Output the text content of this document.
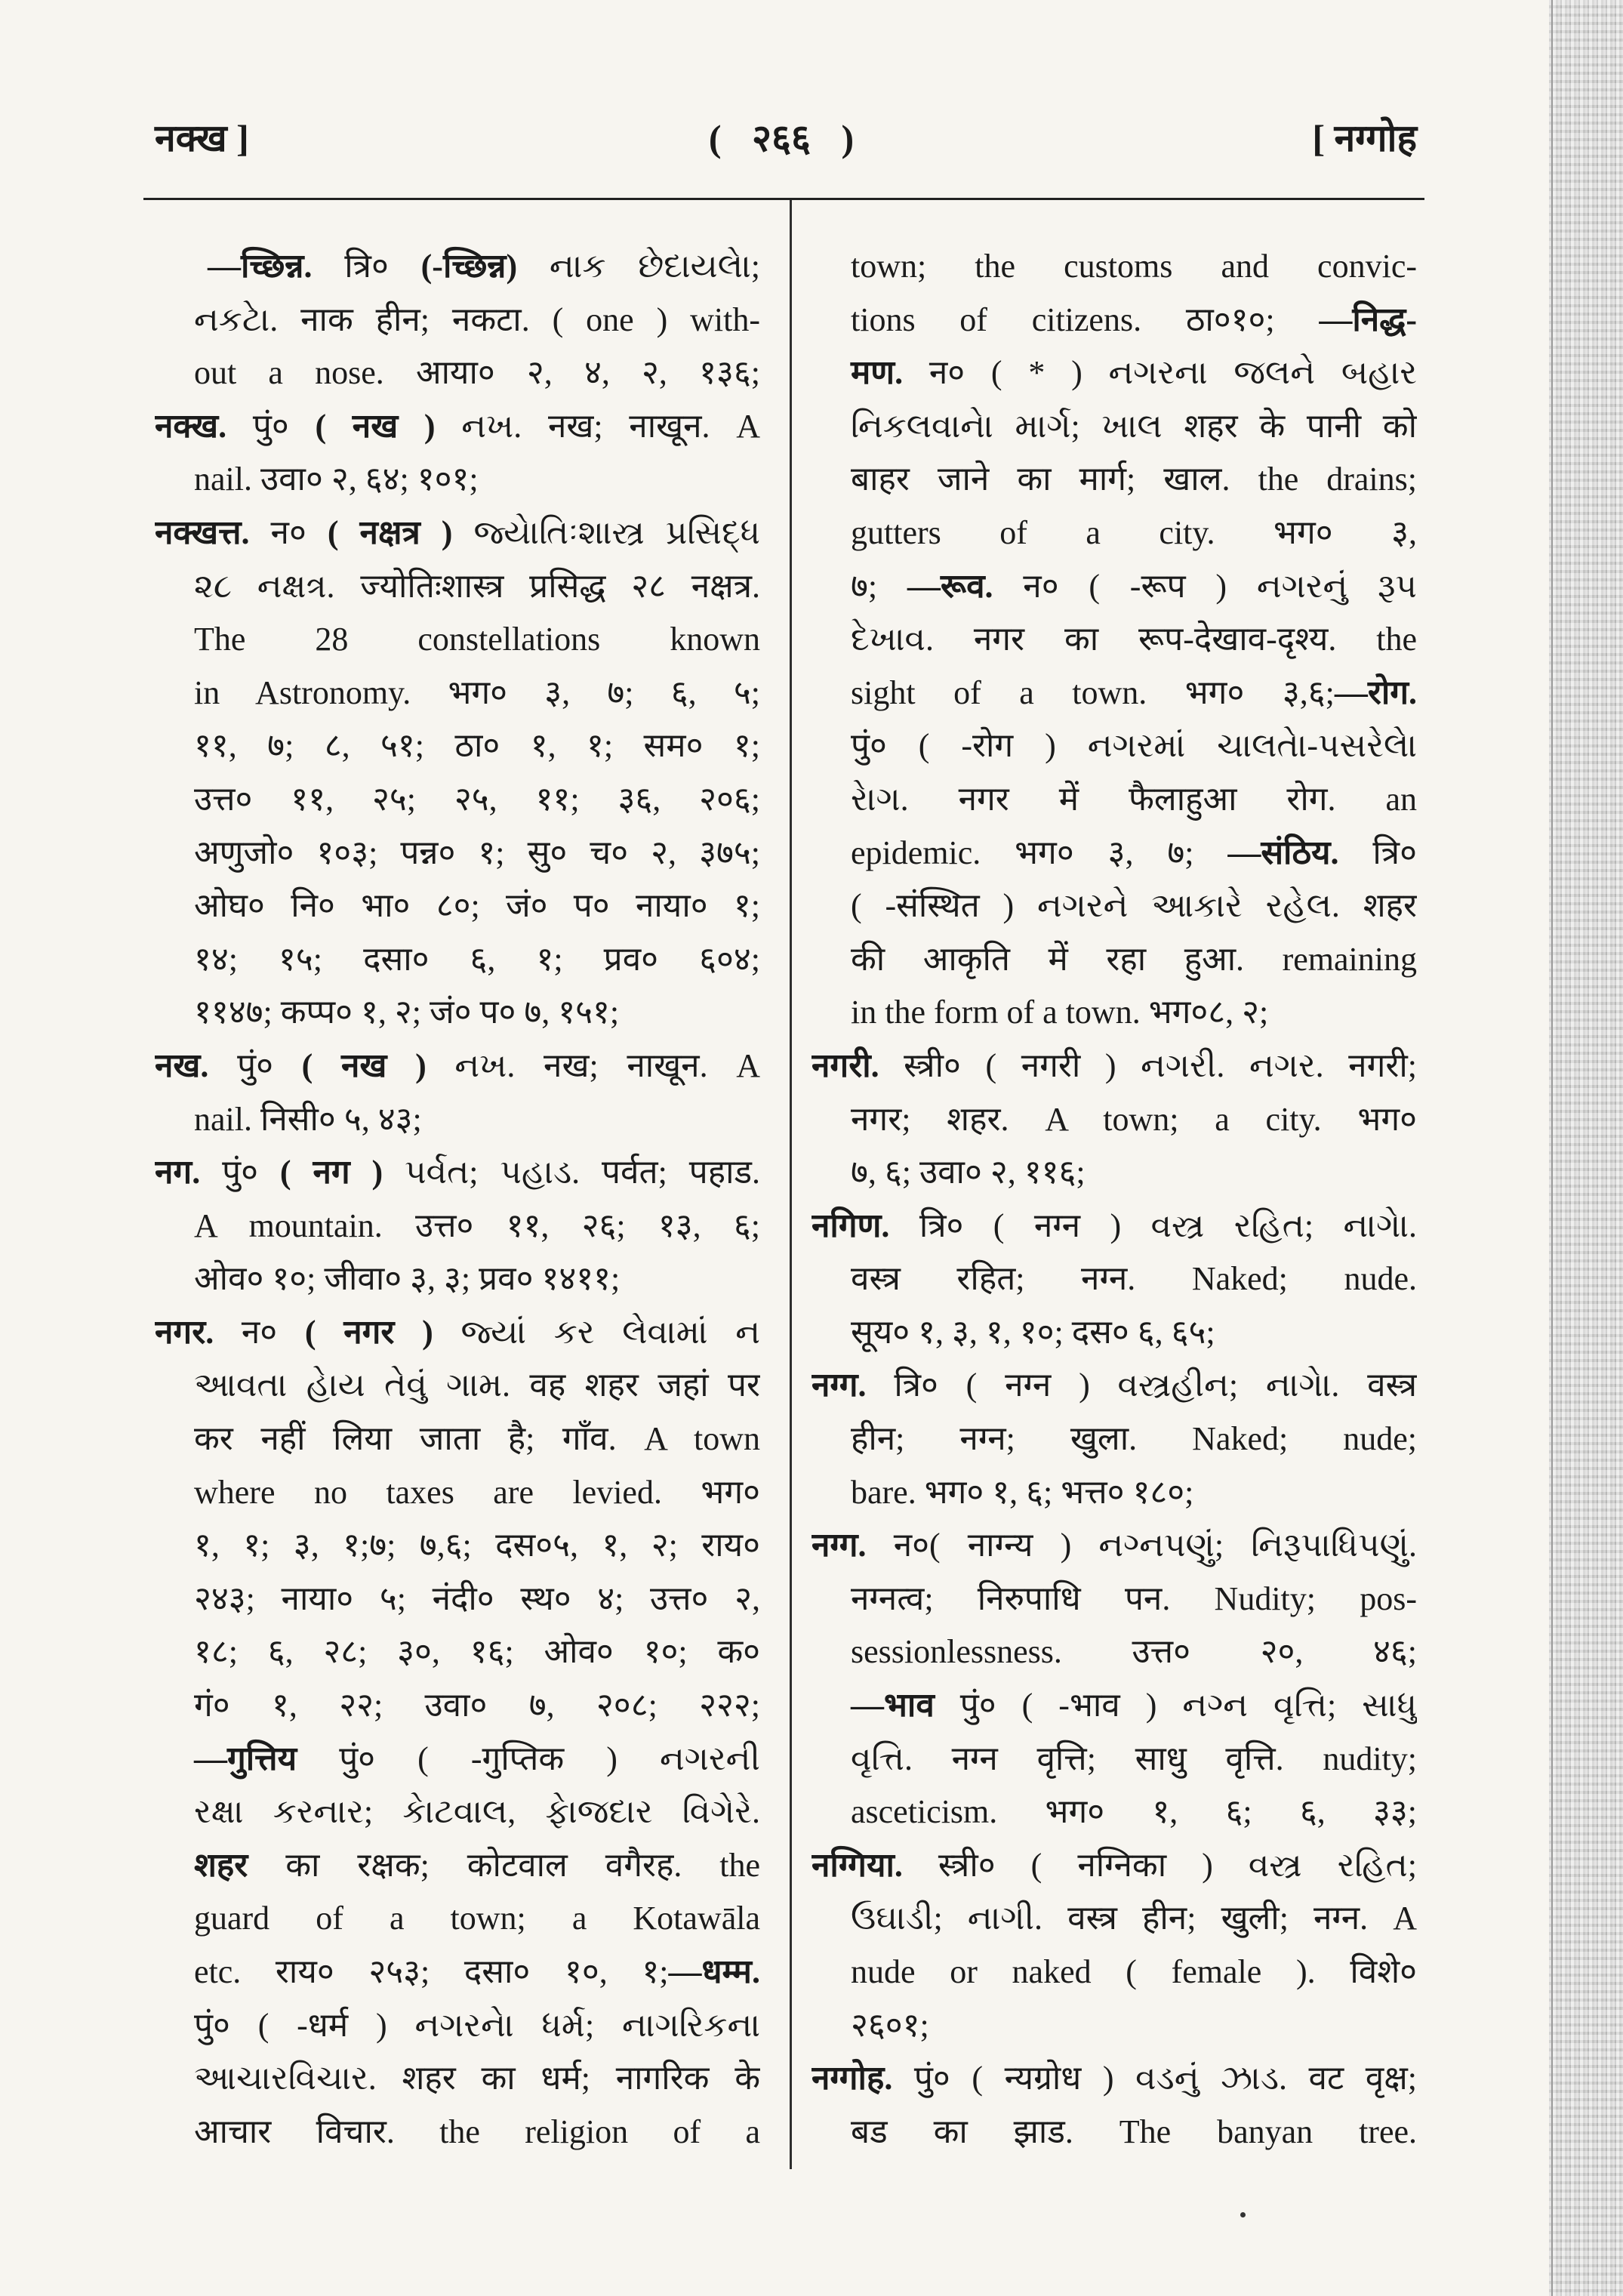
नक्ख ]	( २६६ )	[ नग्गोह
—च्छिन्न. त्रि० (-च्छिन्न) નાક છેદાયલેા;
નકટેા. नाक हीन; नकटा. ( one ) with-
out a nose. आया० २, ४, २, १३६;
नक्ख. पुं० ( नख ) નખ. नख; नाखून. A
nail. उवा० २, ६४; १०१;
नक्खत्त. न० ( नक्षत्र ) જ્યેાતિઃશાસ્ત્ર પ્રસિદ્ધ
૨૮ નક્ષત્ર. ज्योतिःशास्त्र प्रसिद्ध २८ नक्षत्र.
The 28 constellations known
in Astronomy. भग० ३, ७; ६, ५;
११, ७; ८, ५१; ठा० १, १; सम० १;
उत्त० ११, २५; २५, ११; ३६, २०६;
अणुजो० १०३; पन्न० १; सु० च० २, ३७५;
ओघ० नि० भा० ८०; जं० प० नाया० १;
१४; १५; दसा० ६, १; प्रव० ६०४;
११४७; कप्प० १, २; जं० प० ७, १५१;
नख. पुं० ( नख ) નખ. नख; नाखून. A
nail. निसी० ५, ४३;
नग. पुं० ( नग ) પર્વત; પહાડ. पर्वत; पहाड.
A mountain. उत्त० ११, २६; १३, ६;
ओव० १०; जीवा० ३, ३; प्रव० १४११;
नगर. न० ( नगर ) જ્યાં કર લેવામાં ન
આવતા હેાય તેવું ગામ. वह शहर जहां पर
कर नहीं लिया जाता है; गाँव. A town
where no taxes are levied. भग०
१, १; ३, १;७; ७,६; दस०५, १, २; राय०
२४३; नाया० ५; नंदी० स्थ० ४; उत्त० २,
१८; ६, २८; ३०, १६; ओव० १०; क०
गं० १, २२; उवा० ७, २०८; २२२;
—गुत्तिय पुं० ( -गुप्तिक ) નગરની
રક્ષા કરનાર; કેાટવાલ, ફેાજદાર વિગેરે.
शहर का रक्षक; कोटवाल वगैरह. the
guard of a town; a Kotawāla
etc. राय० २५३; दसा० १०, १;—धम्म.
पुं० ( -धर्म ) નગરનેા ધર્મ; નાગરિકના
આચારવિચાર. शहर का धर्म; नागरिक के
आचार विचार. the religion of a
town; the customs and convic-
tions of citizens. ठा०१०; —निद्ध-
मण. न० ( * ) નગરના જલને બહાર
નિકલવાનેા માર્ગ; ખાલ शहर के पानी को
बाहर जाने का मार्ग; खाल. the drains;
gutters of a city. भग० ३,
७; —रूव. न० ( -रूप ) નગરનું રૂપ
દેખાવ. नगर का रूप-देखाव-दृश्य. the
sight of a town. भग० ३,६;—रोग.
पुं० ( -रोग ) નગરમાં ચાલતેા-પસરેલેા
રેાગ. नगर में फैलाहुआ रोग. an
epidemic. भग० ३, ७; —संठिय. त्रि०
( -संस्थित ) નગરને આકારે રહેલ. शहर
की आकृति में रहा हुआ. remaining
in the form of a town. भग०८, २;
नगरी. स्त्री० ( नगरी ) નગરી. નગર. नगरी;
नगर; शहर. A town; a city. भग०
७, ६; उवा० २, ११६;
नगिण. त्रि० ( नग्न ) વસ્ત્ર રહિત; નાગેા.
वस्त्र रहित; नग्न. Naked; nude.
सूय० १, ३, १, १०; दस० ६, ६५;
नग्ग. त्रि० ( नग्न ) વસ્ત્રહીન; નાગેા. वस्त्र
हीन; नग्न; खुला. Naked; nude;
bare. भग० १, ६; भत्त० १८०;
नग्ग. न०( नाग्न्य ) નગ્નપણું; નિરૂપાધિપણું.
नग्नत्व; निरुपाधि पन. Nudity; pos-
sessionlessness. उत्त० २०, ४६;
—भाव पुं० ( -भाव ) નગ્ન વૃત્તિ; સાધુ
વૃત્તિ. नग्न वृत्ति; साधु वृत्ति. nudity;
asceticism. भग० १, ६; ६, ३३;
नग्गिया. स्त्री० ( नग्निका ) વસ્ત્ર રહિત;
ઉઘાડી; નાગી. वस्त्र हीन; खुली; नग्न. A
nude or naked ( female ). विशे०
२६०१;
नग्गोह. पुं० ( न्यग्रोध ) વડનું ઝાડ. वट वृक्ष;
बड का झाड. The banyan tree.
